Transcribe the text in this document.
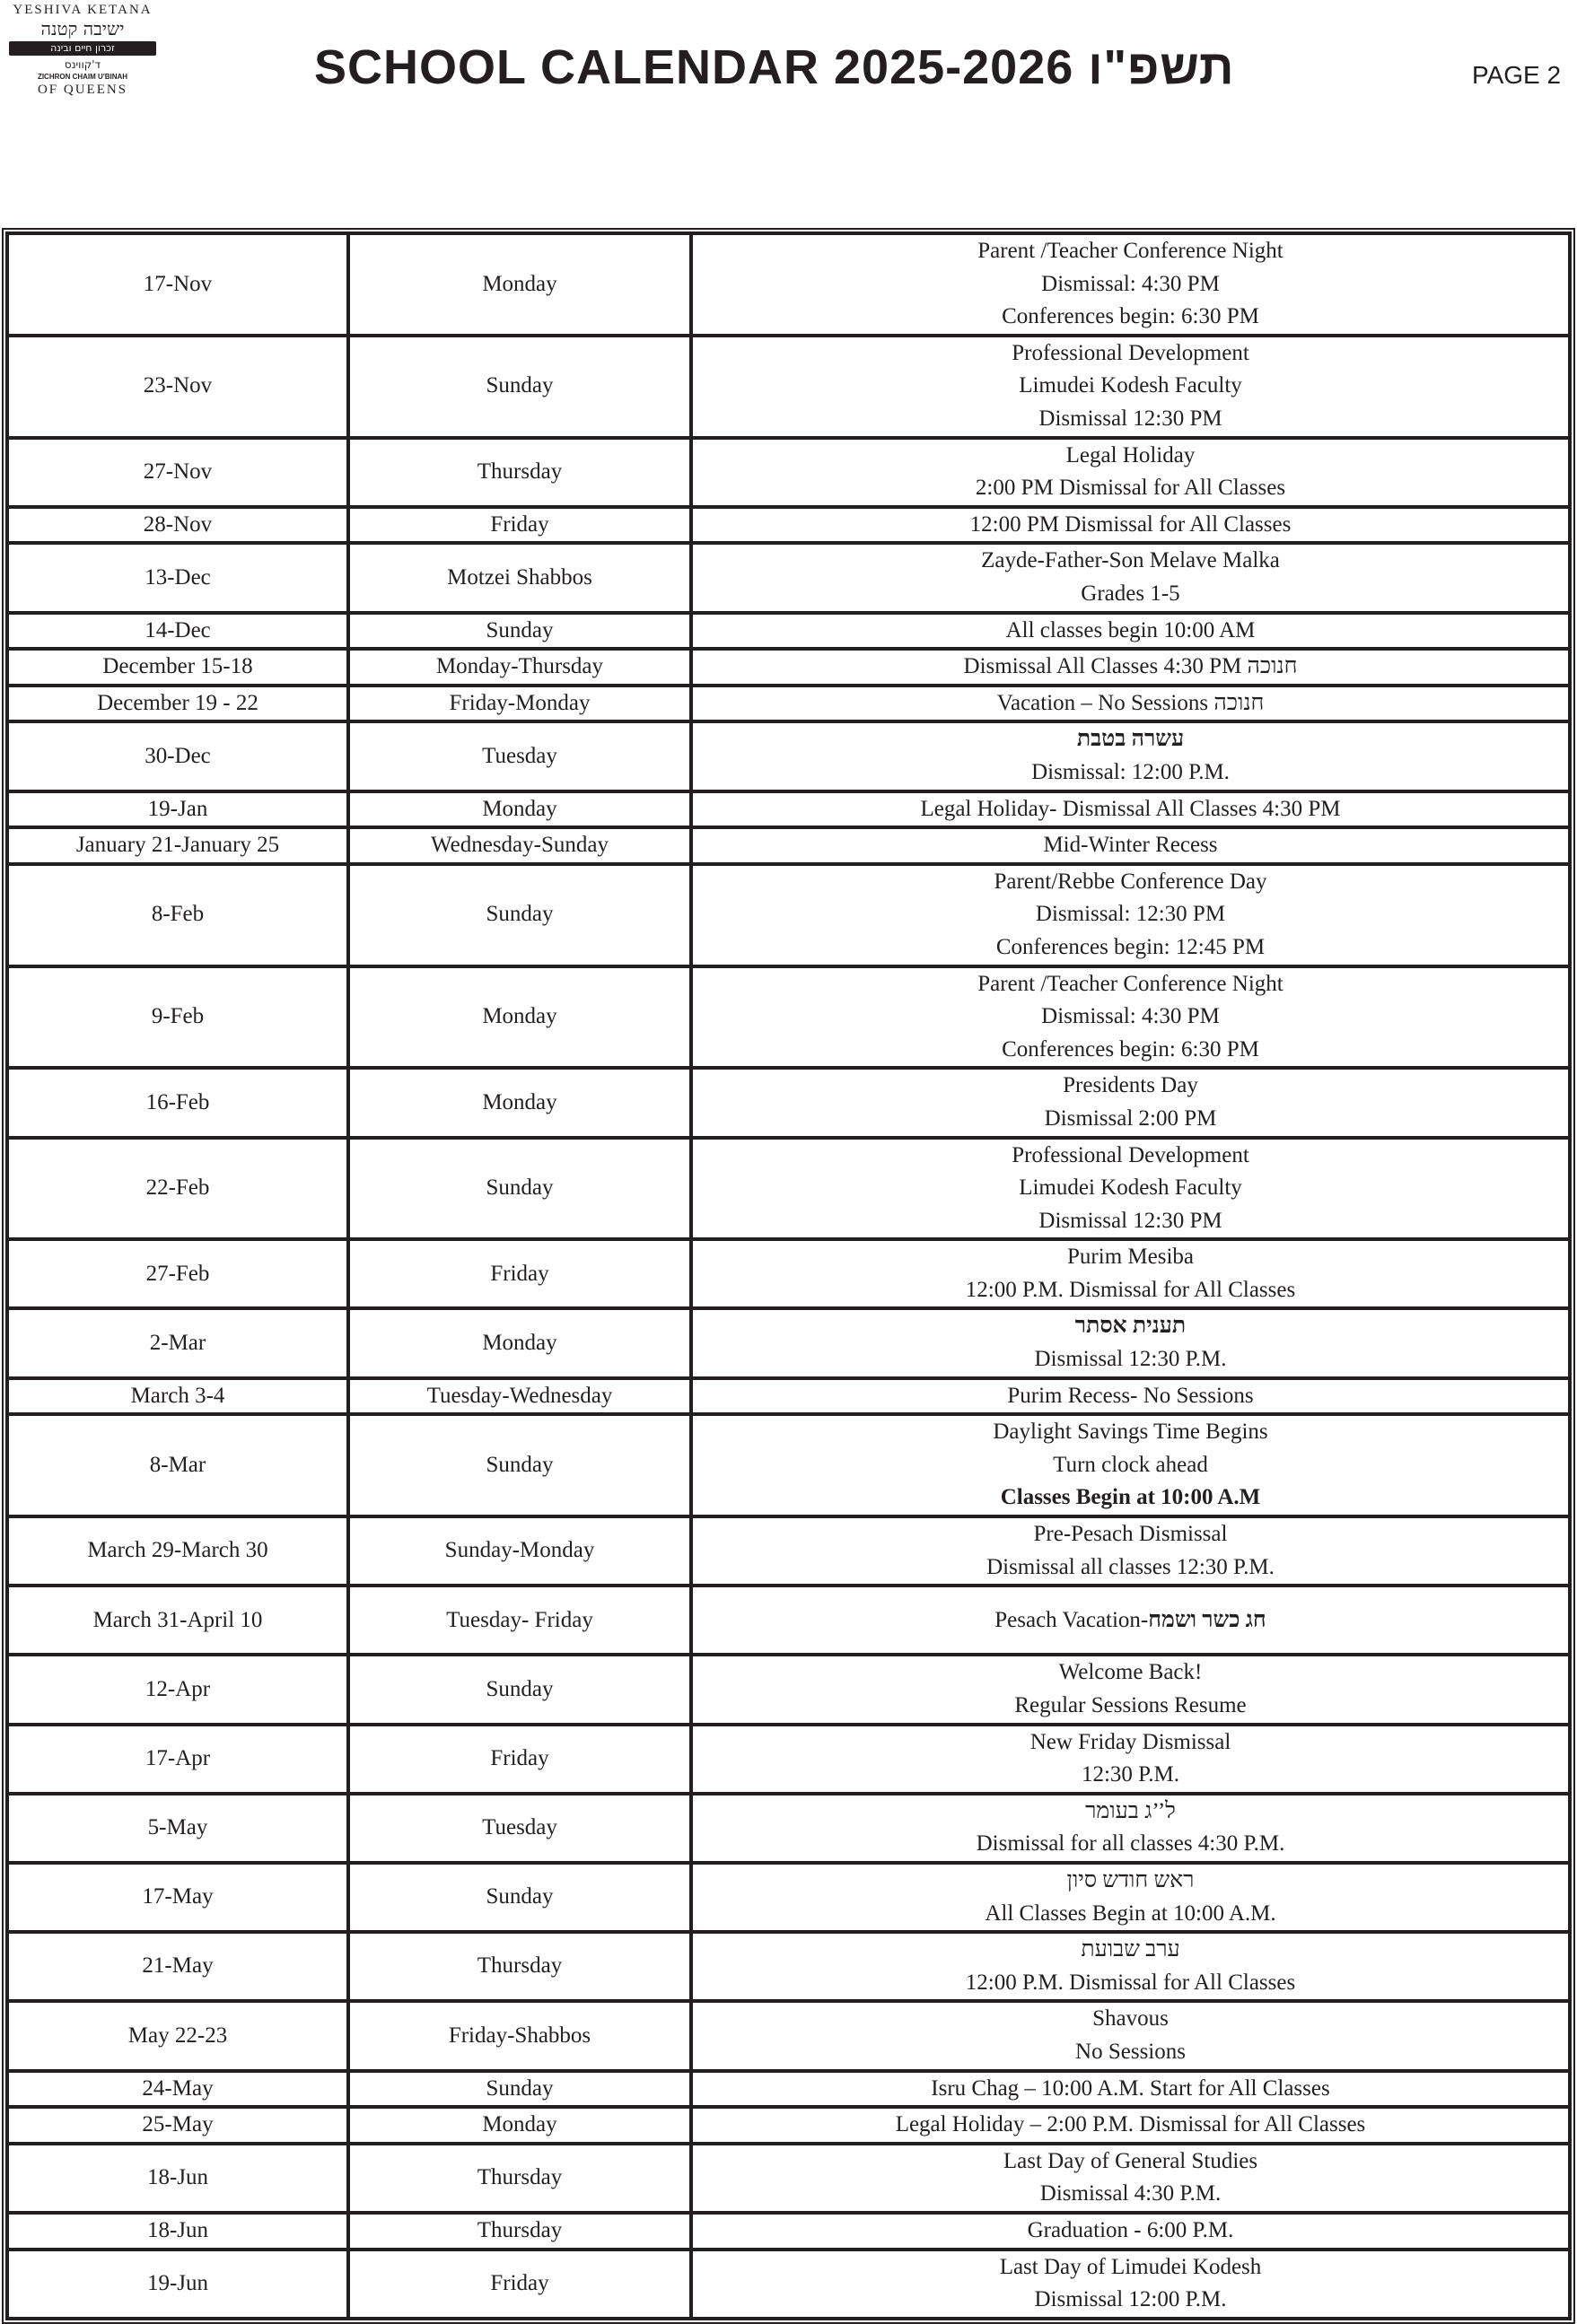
YESHIVA KETANA
ישיבה קטנה
זכרון חיים ובינה
ד'קווינס
ZICHRON CHAIM U'BINAH
OF QUEENS	SCHOOL CALENDAR 2025-2026 תשפ"ו	PAGE 2
17-Nov	Monday	Parent /Teacher Conference Night
Dismissal: 4:30 PM
Conferences begin: 6:30 PM

23-Nov	Sunday	Professional Development
Limudei Kodesh Faculty
Dismissal 12:30 PM

27-Nov	Thursday	Legal Holiday
2:00 PM Dismissal for All Classes

28-Nov	Friday	12:00 PM Dismissal for All Classes

13-Dec	Motzei Shabbos	Zayde-Father-Son Melave Malka
Grades 1-5

14-Dec	Sunday	All classes begin 10:00 AM

December 15-18	Monday-Thursday	Dismissal All Classes 4:30 PM חנוכה

December 19 - 22	Friday-Monday	Vacation – No Sessions חנוכה

30-Dec	Tuesday	עשרה בטבת
Dismissal: 12:00 P.M.

19-Jan	Monday	Legal Holiday- Dismissal All Classes 4:30 PM

January 21-January 25	Wednesday-Sunday	Mid-Winter Recess

8-Feb	Sunday	Parent/Rebbe Conference Day
Dismissal: 12:30 PM
Conferences begin: 12:45 PM

9-Feb	Monday	Parent /Teacher Conference Night
Dismissal: 4:30 PM
Conferences begin: 6:30 PM

16-Feb	Monday	Presidents Day
Dismissal 2:00 PM

22-Feb	Sunday	Professional Development
Limudei Kodesh Faculty
Dismissal 12:30 PM

27-Feb	Friday	Purim Mesiba
12:00 P.M. Dismissal for All Classes

2-Mar	Monday	תענית אסתר
Dismissal 12:30 P.M.

March 3-4	Tuesday-Wednesday	Purim Recess- No Sessions

8-Mar	Sunday	Daylight Savings Time Begins
Turn clock ahead
Classes Begin at 10:00 A.M

March 29-March 30	Sunday-Monday	Pre-Pesach Dismissal
Dismissal all classes 12:30 P.M.

March 31-April 10	Tuesday- Friday	Pesach Vacation-חג כשר ושמח

12-Apr	Sunday	Welcome Back!
Regular Sessions Resume

17-Apr	Friday	New Friday Dismissal
12:30 P.M.

5-May	Tuesday	ל’’ג בעומר
Dismissal for all classes 4:30 P.M.

17-May	Sunday	ראש חודש סיון
All Classes Begin at 10:00 A.M.

21-May	Thursday	ערב שבועת
12:00 P.M. Dismissal for All Classes

May 22-23	Friday-Shabbos	Shavous
No Sessions

24-May	Sunday	Isru Chag – 10:00 A.M. Start for All Classes

25-May	Monday	Legal Holiday – 2:00 P.M. Dismissal for All Classes

18-Jun	Thursday	Last Day of General Studies
Dismissal 4:30 P.M.

18-Jun	Thursday	Graduation - 6:00 P.M.

19-Jun	Friday	Last Day of Limudei Kodesh
Dismissal 12:00 P.M.
